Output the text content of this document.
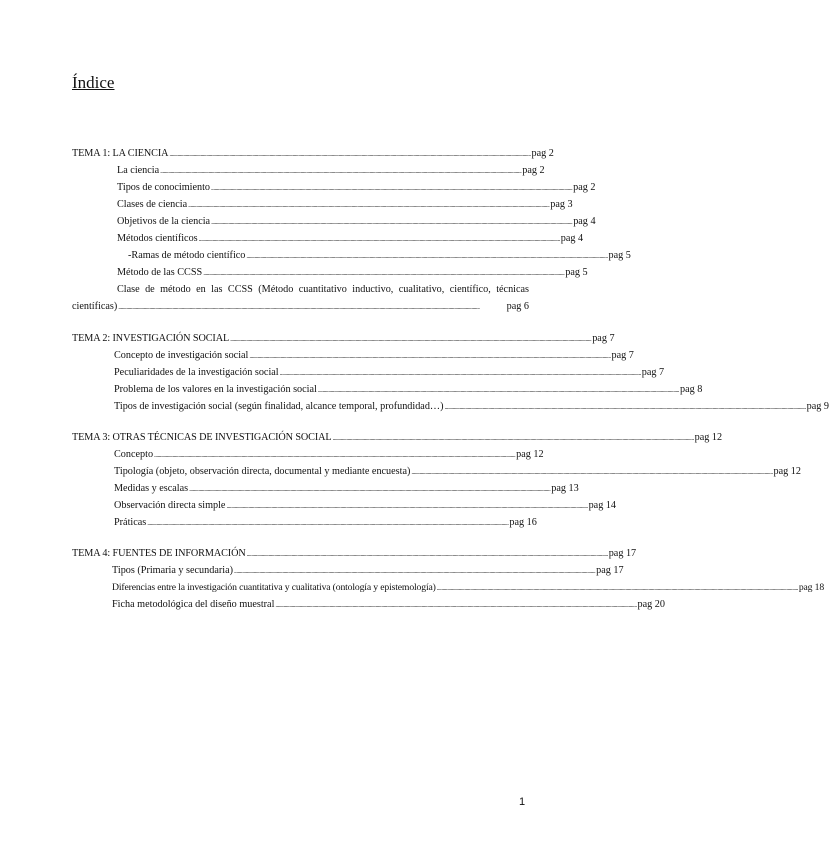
Índice
TEMA 1: LA CIENCIA .......................................................................................................................................................................................................................................................................................................................... pag 2
La ciencia .......................................................................................................................................................................................................................................................................................................................... pag 2
Tipos de conocimiento .......................................................................................................................................................................................................................................................................................................................... pag 2
Clases de ciencia .......................................................................................................................................................................................................................................................................................................................... pag 3
Objetivos de la ciencia .......................................................................................................................................................................................................................................................................................................................... pag 4
Métodos científicos .......................................................................................................................................................................................................................................................................................................................... pag 4
-Ramas de método científico .......................................................................................................................................................................................................................................................................................................................... pag 5
Método de las CCSS .......................................................................................................................................................................................................................................................................................................................... pag 5
Clase de método en las CCSS (Método cuantitativo inductivo, cualitativo, científico, técnicas
científicas) ..........................................................................................................................................................................................................................................................................................................................	pag 6
TEMA 2: INVESTIGACIÓN SOCIAL .......................................................................................................................................................................................................................................................................................................................... pag 7
Concepto de investigación social .......................................................................................................................................................................................................................................................................................................................... pag 7
Peculiaridades de la investigación social .......................................................................................................................................................................................................................................................................................................................... pag 7
Problema de los valores en la investigación social .......................................................................................................................................................................................................................................................................................................................... pag 8
Tipos de investigación social (según finalidad, alcance temporal, profundidad…) .......................................................................................................................................................................................................................................................................................................................... pag 9
TEMA 3: OTRAS TÉCNICAS DE INVESTIGACIÓN SOCIAL .......................................................................................................................................................................................................................................................................................................................... pag 12
Concepto .......................................................................................................................................................................................................................................................................................................................... pag 12
Tipología (objeto, observación directa, documental y mediante encuesta) .......................................................................................................................................................................................................................................................................................................................... pag 12
Medidas y escalas .......................................................................................................................................................................................................................................................................................................................... pag 13
Observación directa simple .......................................................................................................................................................................................................................................................................................................................... pag 14
Práticas .......................................................................................................................................................................................................................................................................................................................... pag 16
TEMA 4: FUENTES DE INFORMACIÓN .......................................................................................................................................................................................................................................................................................................................... pag 17
Tipos (Primaria y secundaria) .......................................................................................................................................................................................................................................................................................................................... pag 17
Diferencias entre la investigación cuantitativa y cualitativa (ontología y epistemología) .......................................................................................................................................................................................................................................................................................................................... pag 18
Ficha metodológica del diseño muestral .......................................................................................................................................................................................................................................................................................................................... pag 20
1
